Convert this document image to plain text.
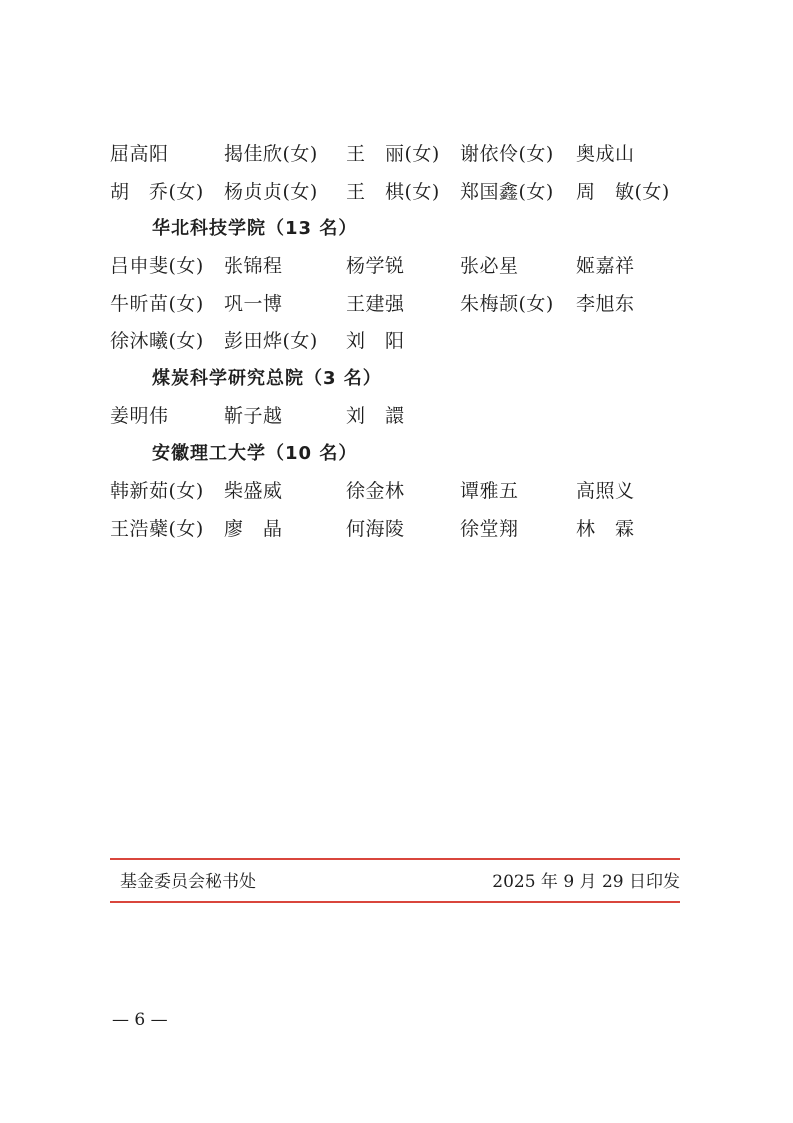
屈高阳	揭佳欣(女)	王　丽(女)	谢依伶(女)	奥成山
胡　乔(女)	杨贞贞(女)	王　棋(女)	郑国鑫(女)	周　敏(女)
华北科技学院（13 名）
吕申斐(女)	张锦程	杨学锐	张必星	姬嘉祥
牛昕苗(女)	巩一博	王建强	朱梅颉(女)	李旭东
徐沐曦(女)	彭田烨(女)	刘　阳
煤炭科学研究总院（3 名）
姜明伟	靳子越	刘　譞
安徽理工大学（10 名）
韩新茹(女)	柴盛威	徐金林	谭雅五	高照义
王浩蘗(女)	廖　晶	何海陵	徐堂翔	林　霖
基金委员会秘书处	2025 年 9 月 29 日印发
— 6 —
